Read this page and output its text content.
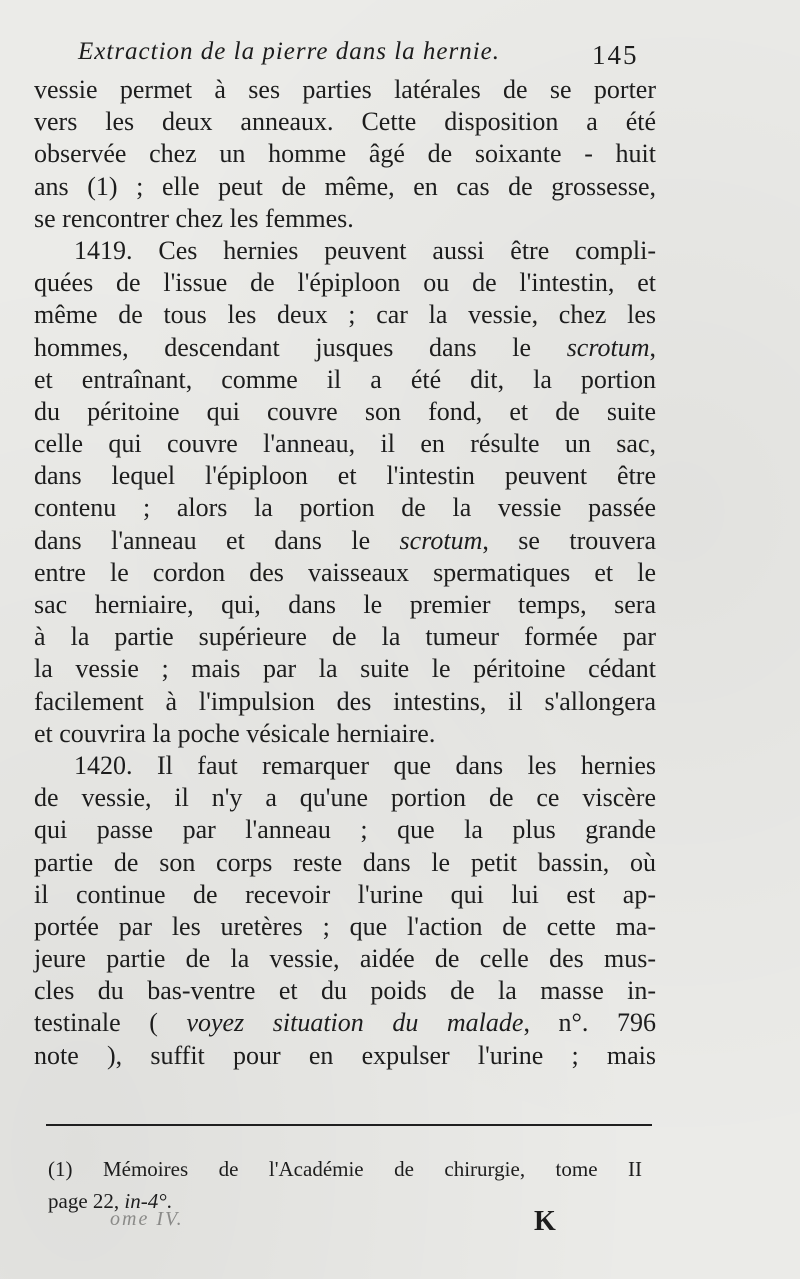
Extraction de la pierre dans la hernie.	145
vessie permet à ses parties latérales de se porter
vers les deux anneaux. Cette disposition a été
observée chez un homme âgé de soixante - huit
ans (1) ; elle peut de même, en cas de grossesse,
se rencontrer chez les femmes.
1419. Ces hernies peuvent aussi être compli-
quées de l'issue de l'épiploon ou de l'intestin, et
même de tous les deux ; car la vessie, chez les
hommes, descendant jusques dans le scrotum,
et entraînant, comme il a été dit, la portion
du péritoine qui couvre son fond, et de suite
celle qui couvre l'anneau, il en résulte un sac,
dans lequel l'épiploon et l'intestin peuvent être
contenu ; alors la portion de la vessie passée
dans l'anneau et dans le scrotum, se trouvera
entre le cordon des vaisseaux spermatiques et le
sac herniaire, qui, dans le premier temps, sera
à la partie supérieure de la tumeur formée par
la vessie ; mais par la suite le péritoine cédant
facilement à l'impulsion des intestins, il s'allongera
et couvrira la poche vésicale herniaire.
1420. Il faut remarquer que dans les hernies
de vessie, il n'y a qu'une portion de ce viscère
qui passe par l'anneau ; que la plus grande
partie de son corps reste dans le petit bassin, où
il continue de recevoir l'urine qui lui est ap-
portée par les uretères ; que l'action de cette ma-
jeure partie de la vessie, aidée de celle des mus-
cles du bas-ventre et du poids de la masse in-
testinale ( voyez situation du malade, n°. 796
note ), suffit pour en expulser l'urine ; mais
(1) Mémoires de l'Académie de chirurgie, tome II
page 22, in-4°.
ome IV.	K
